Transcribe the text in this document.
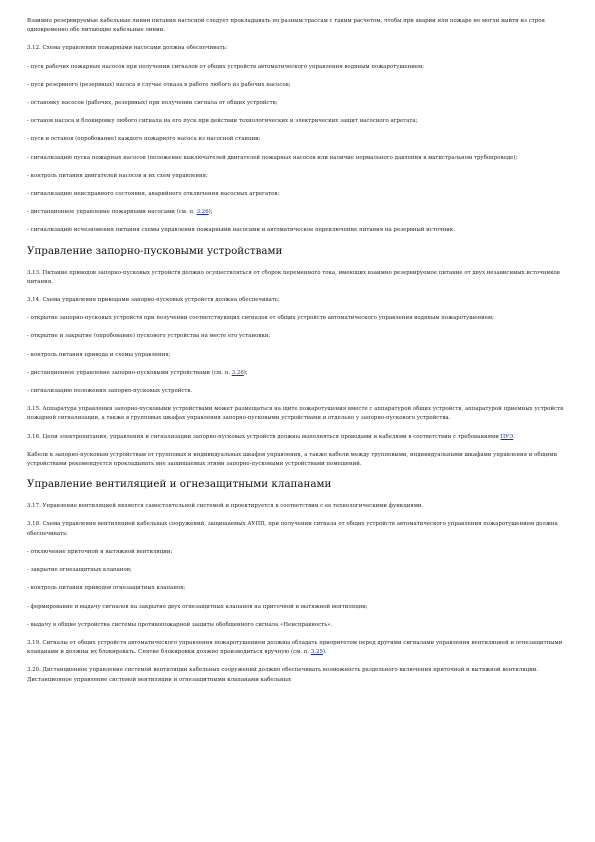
Взаимно резервируемые кабельные линии питания насосной следует прокладывать по разным трассам с таким расчетом, чтобы при аварии или пожаре не могли выйти из строя одновременно обе питающие кабельные линии.

3.12. Схема управления пожарными насосами должна обеспечивать:

- пуск рабочих пожарных насосов при получении сигналов от общих устройств автоматического управления водяным пожаротушением;

- пуск резервного (резервных) насоса в случае отказа в работе любого из рабочих насосов;

- остановку насосов (рабочих, резервных) при получении сигнала от общих устройств;

- останов насоса и блокировку любого сигнала на его пуск при действии технологических и электрических защит насосного агрегата;

- пуск и останов (опробование) каждого пожарного насоса из насосной станции;

- сигнализацию пуска пожарных насосов (положение выключателей двигателей пожарных насосов или наличие нормального давления в магистральном трубопроводе);

- контроль питания двигателей насосов и их схем управления;

- сигнализацию неисправного состояния, аварийного отключения насосных агрегатов;

- дистанционное управление пожарными насосами (см. п. 3.26);

- сигнализацию исчезновения питания схемы управления пожарными насосами и автоматическое переключение питания на резервный источник.

Управление запорно-пусковыми устройствами

3.13. Питание приводов запорно-пусковых устройств должно осуществляться от сборок переменного тока, имеющих взаимно резервируемое питание от двух независимых источников питания.

3.14. Схема управления приводами запорно-пусковых устройств должна обеспечивать:

- открытие запорно-пусковых устройств при получении соответствующих сигналов от общих устройств автоматического управления водяным пожаротушением;

- открытие и закрытие (опробование) пускового устройства на месте его установки;

- контроль питания привода и схемы управления;

- дистанционное управление запорно-пусковыми устройствами (см. п. 3.26);

- сигнализацию положения запорно-пусковых устройств.

3.15. Аппаратура управления запорно-пусковыми устройствами может размещаться на щите пожаротушения вместе с аппаратурой общих устройств, аппаратурой приемных устройств пожарной сигнализации, а также в групповых шкафах управления запорно-пусковыми устройствами и отдельно у запорно-пускового устройства.

3.16. Цепи электропитания, управления и сигнализации запорно-пусковых устройств должны выполняться проводами и кабелями в соответствии с требованиями ПУЭ.

Кабели к запорно-пусковым устройствам от групповых и индивидуальных шкафов управления, а также кабели между групповыми, индивидуальными шкафами управления и общими устройствами рекомендуется прокладывать вне защищаемых этими запорно-пусковыми устройствами помещений.

Управление вентиляцией и огнезащитными клапанами

3.17. Управление вентиляцией является самостоятельной системой и проектируется в соответствии с ее технологическими функциями.

3.18. Схема управления вентиляцией кабельных сооружений, защищаемых АУПП, при получении сигнала от общих устройств автоматического управления пожаротушением должна обеспечивать:

- отключение приточной и вытяжной вентиляции;

- закрытие огнезащитных клапанов;

- контроль питания приводов огнезащитных клапанов;

- формирование и выдачу сигналов на закрытие двух огнезащитных клапанов на приточной и вытяжной вентиляции;

- выдачу в общие устройства системы противопожарной защиты обобщенного сигнала «Неисправность».

3.19. Сигналы от общих устройств автоматического управления пожаротушением должны обладать приоритетом перед другими сигналами управления вентиляцией и огнезащитными клапанами и должны их блокировать. Снятие блокировки должно производиться вручную (см. п. 3.25).

3.20. Дистанционное управление системой вентиляции кабельных сооружений должно обеспечивать возможность раздельного включения приточной и вытяжной вентиляции. Дистанционное управление системой вентиляции и огнезащитными клапанами кабельных
